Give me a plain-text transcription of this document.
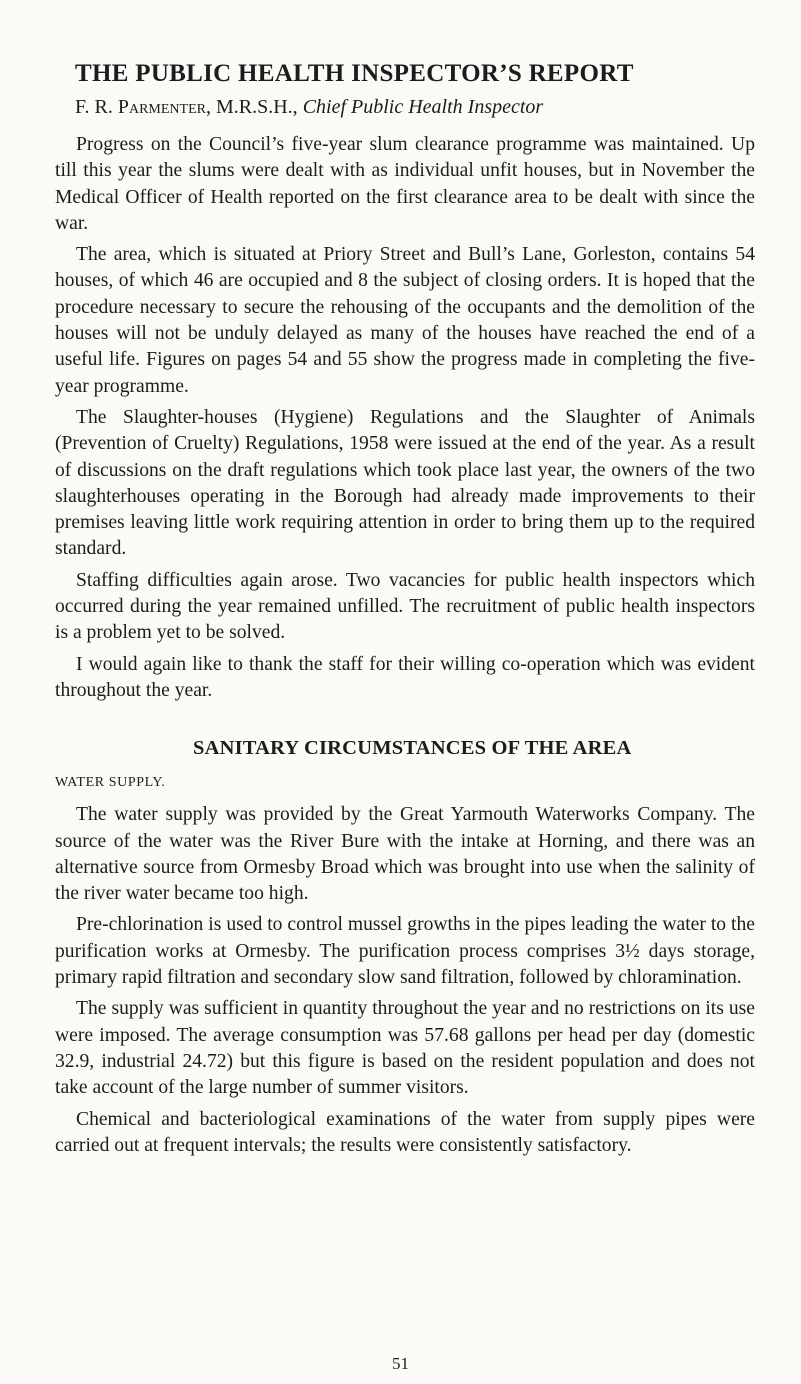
THE PUBLIC HEALTH INSPECTOR’S REPORT
F. R. Parmenter, M.R.S.H., Chief Public Health Inspector

Progress on the Council’s five-year slum clearance programme was maintained. Up till this year the slums were dealt with as individual unfit houses, but in November the Medical Officer of Health reported on the first clearance area to be dealt with since the war.

The area, which is situated at Priory Street and Bull’s Lane, Gorleston, contains 54 houses, of which 46 are occupied and 8 the subject of closing orders. It is hoped that the procedure necessary to secure the rehousing of the occupants and the demolition of the houses will not be unduly delayed as many of the houses have reached the end of a useful life. Figures on pages 54 and 55 show the progress made in completing the five-year programme.

The Slaughter-houses (Hygiene) Regulations and the Slaughter of Animals (Prevention of Cruelty) Regulations, 1958 were issued at the end of the year. As a result of discussions on the draft regulations which took place last year, the owners of the two slaughterhouses operating in the Borough had already made improvements to their premises leaving little work requiring attention in order to bring them up to the required standard.

Staffing difficulties again arose. Two vacancies for public health inspectors which occurred during the year remained unfilled. The recruitment of public health inspectors is a problem yet to be solved.

I would again like to thank the staff for their willing co-operation which was evident throughout the year.

SANITARY CIRCUMSTANCES OF THE AREA
WATER SUPPLY.

The water supply was provided by the Great Yarmouth Waterworks Company. The source of the water was the River Bure with the intake at Horning, and there was an alternative source from Ormesby Broad which was brought into use when the salinity of the river water became too high.

Pre-chlorination is used to control mussel growths in the pipes leading the water to the purification works at Ormesby. The purification process comprises 3½ days storage, primary rapid filtration and secondary slow sand filtration, followed by chloramination.

The supply was sufficient in quantity throughout the year and no restrictions on its use were imposed. The average consumption was 57.68 gallons per head per day (domestic 32.9, industrial 24.72) but this figure is based on the resident population and does not take account of the large number of summer visitors.

Chemical and bacteriological examinations of the water from supply pipes were carried out at frequent intervals; the results were consistently satisfactory.

51
